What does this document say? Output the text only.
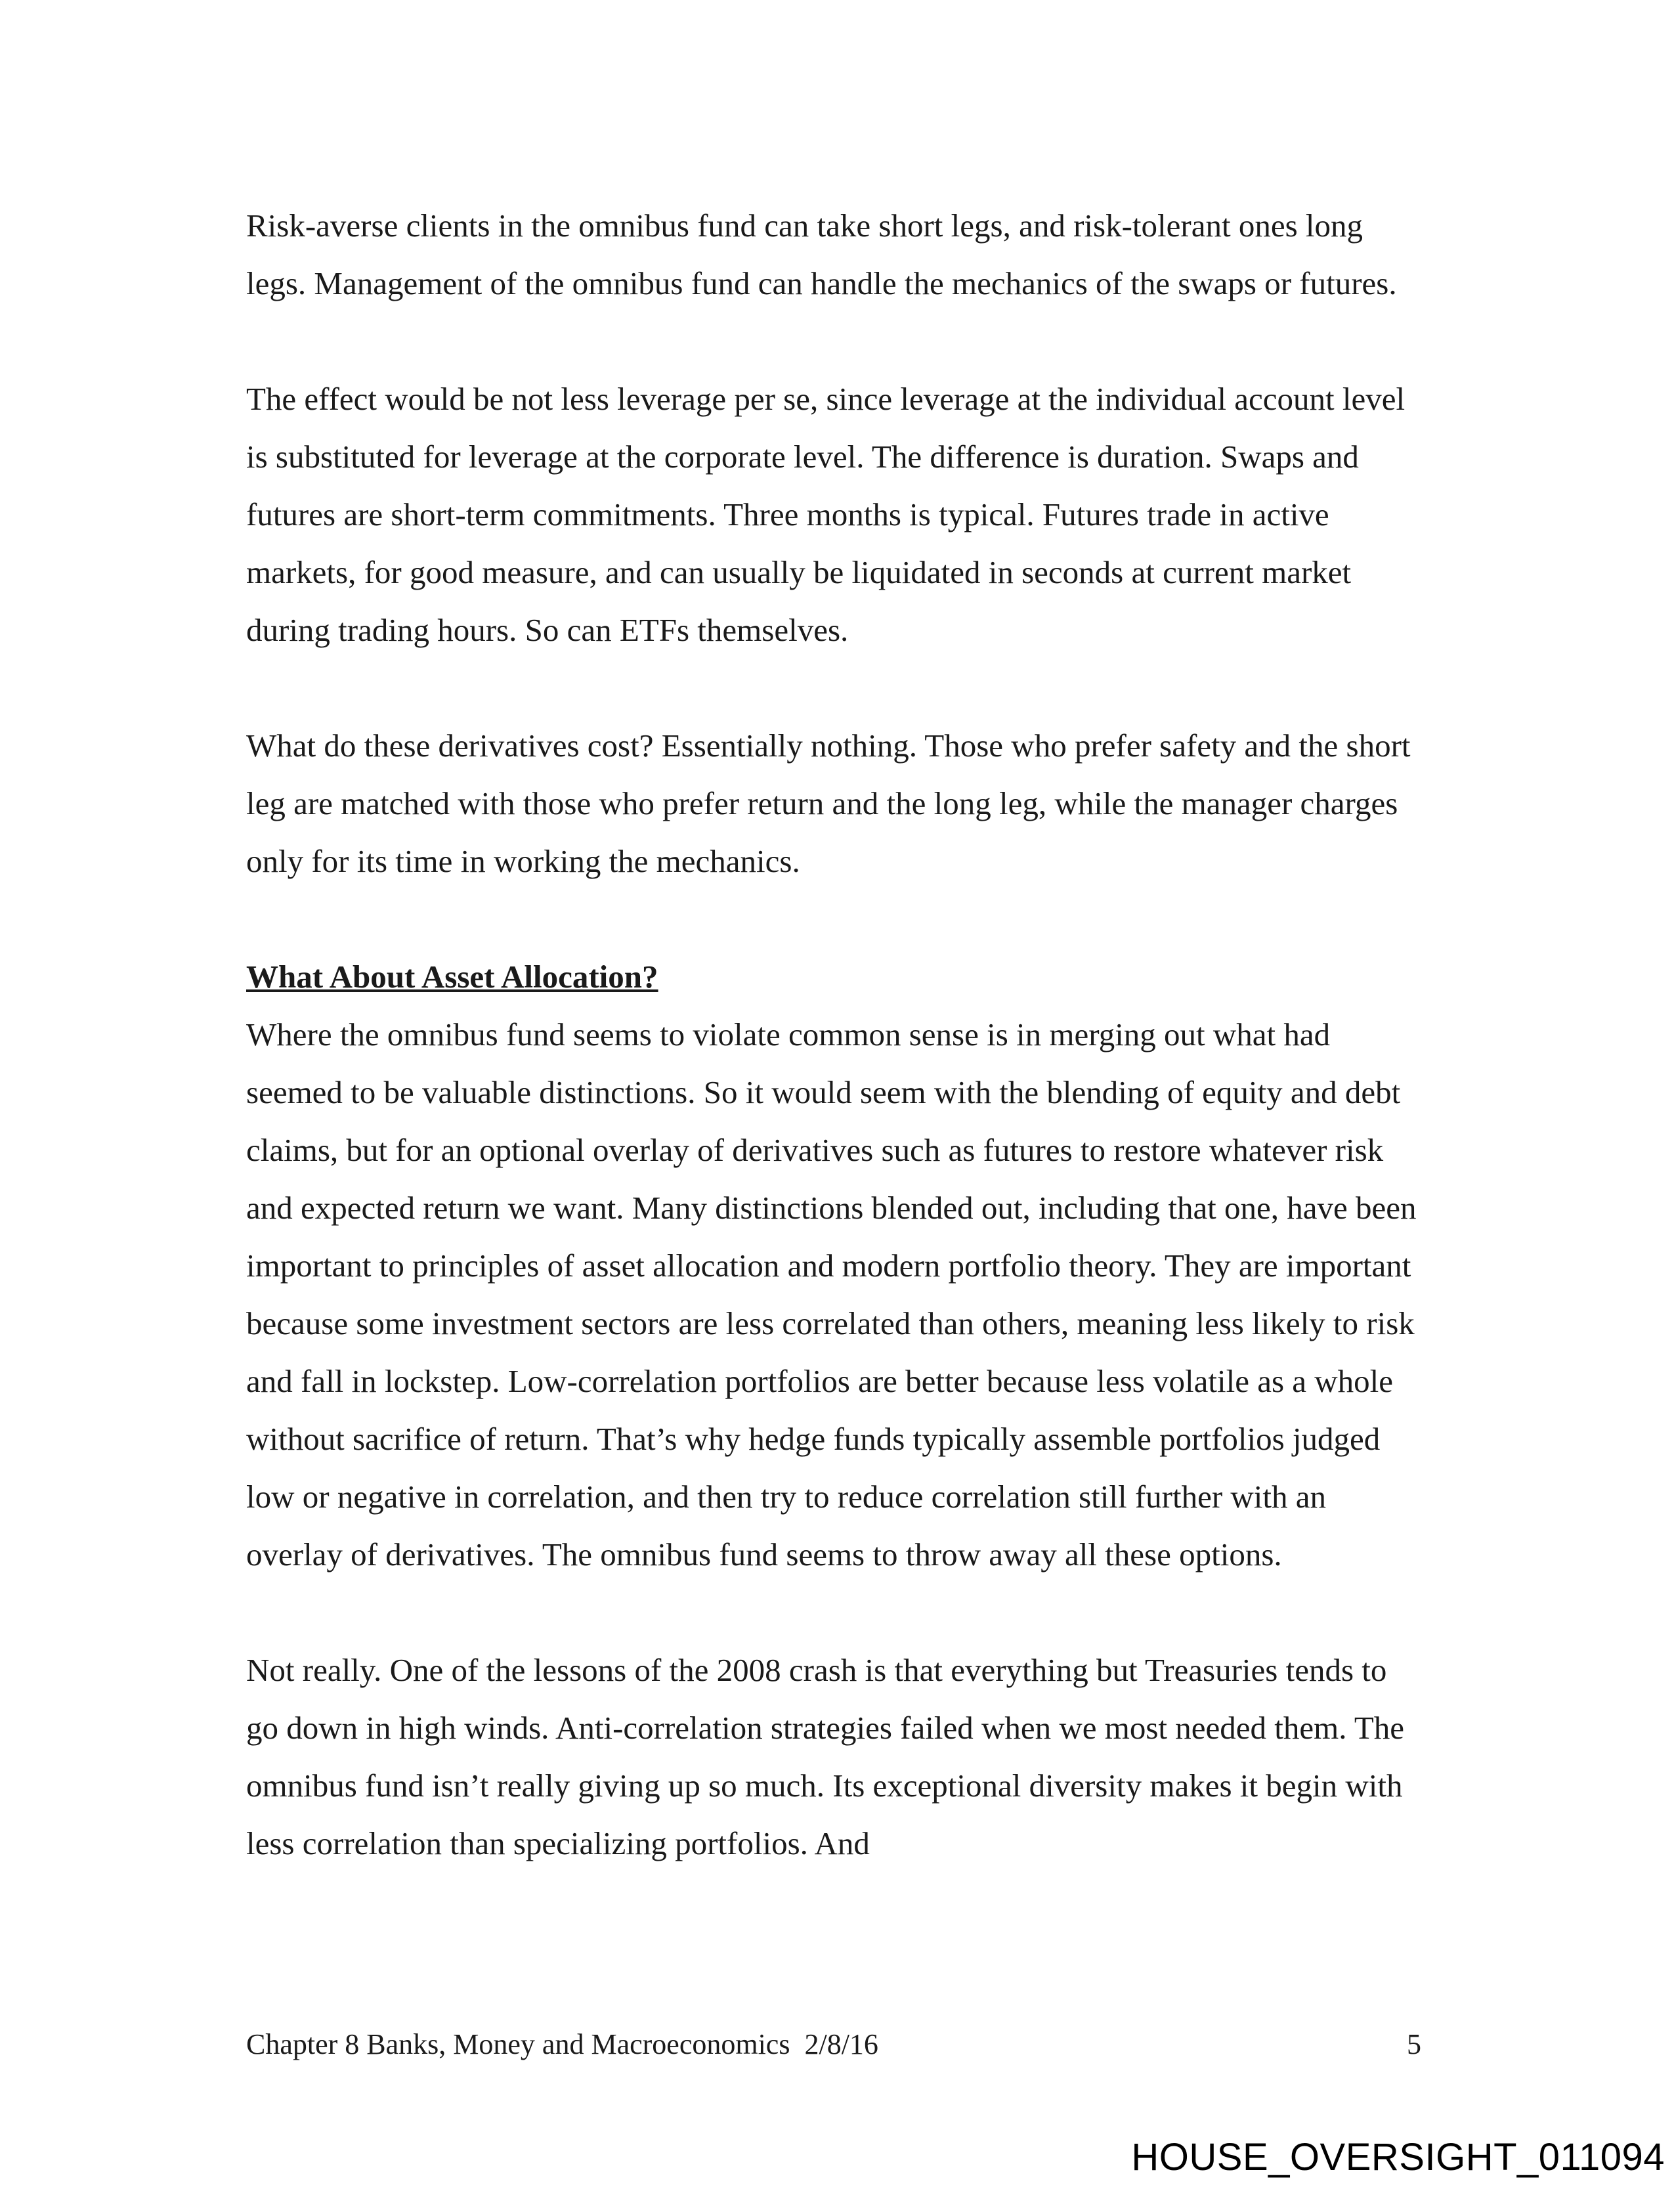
Risk-averse clients in the omnibus fund can take short legs, and risk-tolerant ones long legs. Management of the omnibus fund can handle the mechanics of the swaps or futures.

The effect would be not less leverage per se, since leverage at the individual account level is substituted for leverage at the corporate level. The difference is duration. Swaps and futures are short-term commitments. Three months is typical. Futures trade in active markets, for good measure, and can usually be liquidated in seconds at current market during trading hours. So can ETFs themselves.

What do these derivatives cost? Essentially nothing. Those who prefer safety and the short leg are matched with those who prefer return and the long leg, while the manager charges only for its time in working the mechanics.

What About Asset Allocation?

Where the omnibus fund seems to violate common sense is in merging out what had seemed to be valuable distinctions. So it would seem with the blending of equity and debt claims, but for an optional overlay of derivatives such as futures to restore whatever risk and expected return we want. Many distinctions blended out, including that one, have been important to principles of asset allocation and modern portfolio theory. They are important because some investment sectors are less correlated than others, meaning less likely to risk and fall in lockstep. Low-correlation portfolios are better because less volatile as a whole without sacrifice of return. That’s why hedge funds typically assemble portfolios judged low or negative in correlation, and then try to reduce correlation still further with an overlay of derivatives. The omnibus fund seems to throw away all these options.

Not really. One of the lessons of the 2008 crash is that everything but Treasuries tends to go down in high winds. Anti-correlation strategies failed when we most needed them. The omnibus fund isn’t really giving up so much. Its exceptional diversity makes it begin with less correlation than specializing portfolios. And

Chapter 8 Banks, Money and Macroeconomics 2/8/16	5
HOUSE_OVERSIGHT_011094
